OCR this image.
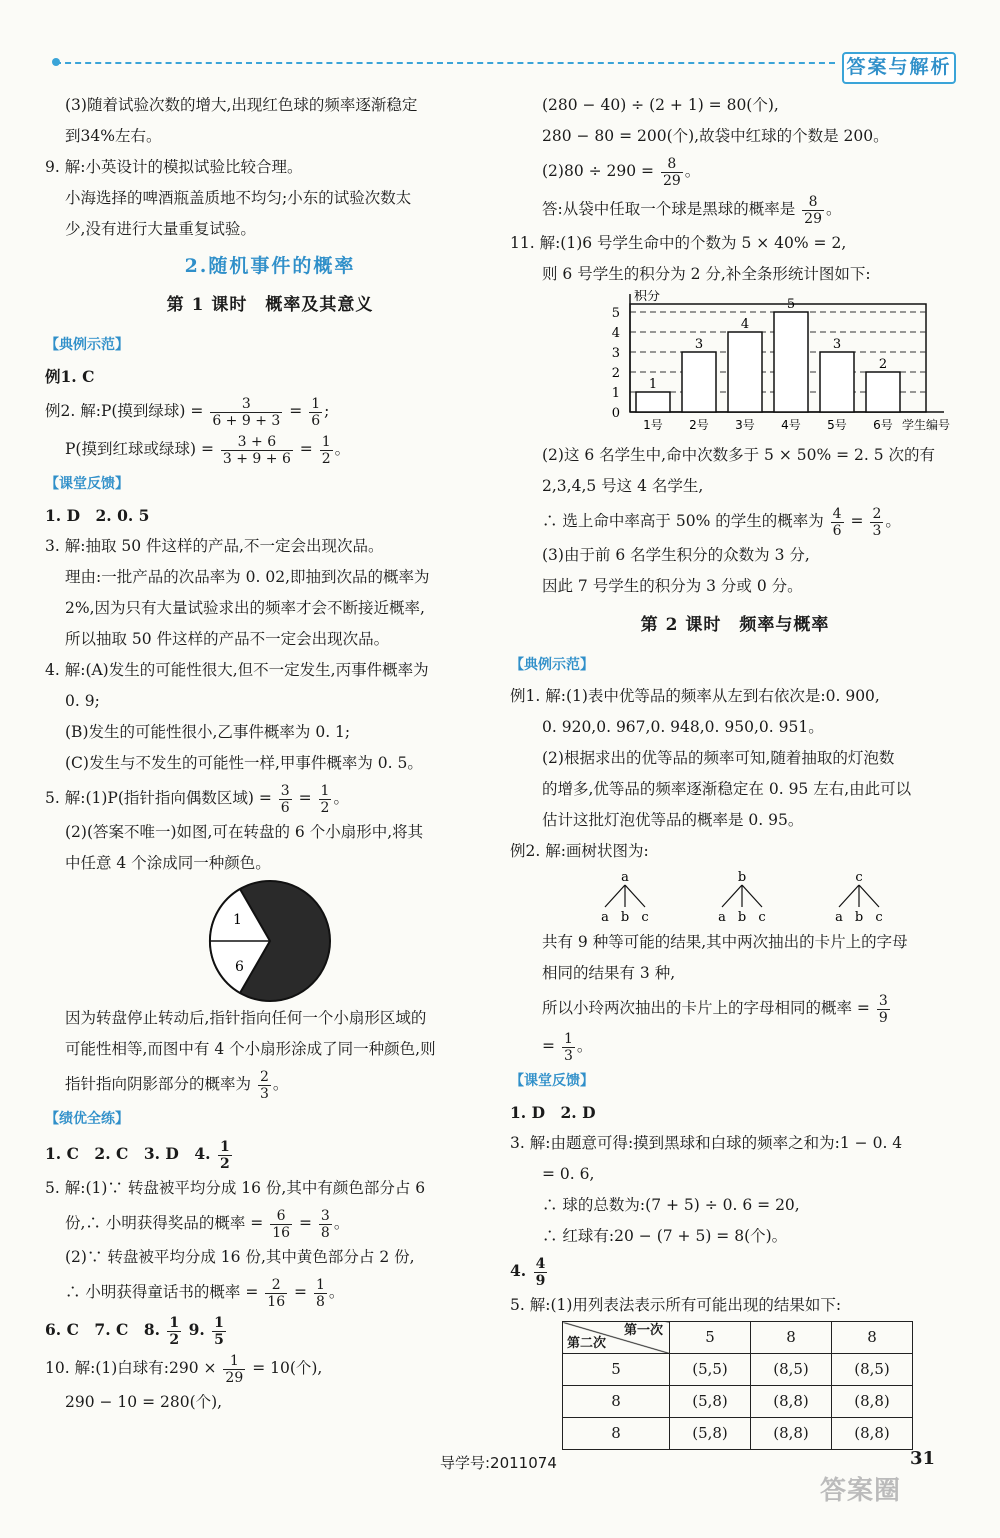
答案与解析
(3)随着试验次数的增大,出现红色球的频率逐渐稳定
到34%左右。
9. 解:小英设计的模拟试验比较合理。
小海选择的啤酒瓶盖质地不均匀;小东的试验次数太
少,没有进行大量重复试验。
2.随机事件的概率
第 1 课时　概率及其意义
【典例示范】
例1. C
例2. 解:P(摸到绿球) = $\frac{3}{6 + 9 + 3} = \frac{1}{6}$ ;
P(摸到红球或绿球) = $\frac{3 + 6}{3 + 9 + 6} = \frac{1}{2}$ 。
【课堂反馈】
1. D　2. 0. 5
3. 解:抽取 50 件这样的产品,不一定会出现次品。
理由:一批产品的次品率为 0. 02,即抽到次品的概率为
2%,因为只有大量试验求出的频率才会不断接近概率,
所以抽取 50 件这样的产品不一定会出现次品。
4. 解:(A)发生的可能性很大,但不一定发生,丙事件概率为
0. 9;
(B)发生的可能性很小,乙事件概率为 0. 1;
(C)发生与不发生的可能性一样,甲事件概率为 0. 5。
5. 解:(1)P(指针指向偶数区域) = $\frac{3}{6} = \frac{1}{2}$ 。
(2)(答案不唯一)如图,可在转盘的 6 个小扇形中,将其
中任意 4 个涂成同一种颜色。
1
6
因为转盘停止转动后,指针指向任何一个小扇形区域的
可能性相等,而图中有 4 个小扇形涂成了同一种颜色,则
指针指向阴影部分的概率为 $\frac{2}{3}$ 。
【绩优全练】
1. C　2. C　3. D　4. $\frac{1}{2}$
5. 解:(1)∵ 转盘被平均分成 16 份,其中有颜色部分占 6
份,∴ 小明获得奖品的概率 = $\frac{6}{16} = \frac{3}{8}$ 。
(2)∵ 转盘被平均分成 16 份,其中黄色部分占 2 份,
∴ 小明获得童话书的概率 = $\frac{2}{16} = \frac{1}{8}$ 。
6. C　7. C　8. $\frac{1}{2} 9$. $\frac{1}{5}$
10. 解:(1)白球有:290 × $\frac{1}{29} = 10$(个),
290 − 10 = 280(个),
(280 − 40) ÷ (2 + 1) = 80(个),
280 − 80 = 200(个),故袋中红球的个数是 200。
$(2)80 \div 290 = \frac{8}{29}$ 。
答:从袋中任取一个球是黑球的概率是 $\frac{8}{29}$ 。
11. 解:(1)6 号学生命中的个数为 5 × 40% = 2,
则 6 号学生的积分为 2 分,补全条形统计图如下:
0
1
2
3
4
5
积分
1
1号
3
2号
4
3号
5
4号
3
5号
2
6号 学生编号
(2)这 6 名学生中,命中次数多于 5 × 50% = 2. 5 次的有
2,3,4,5 号这 4 名学生,
∴ 选上命中率高于 50% 的学生的概率为 $\frac{4}{6} = \frac{2}{3}$ 。
(3)由于前 6 名学生积分的众数为 3 分,
因此 7 号学生的积分为 3 分或 0 分。
第 2 课时　频率与概率
【典例示范】
例1. 解:(1)表中优等品的频率从左到右依次是:0. 900,
0. 920,0. 967,0. 948,0. 950,0. 951。
(2)根据求出的优等品的频率可知,随着抽取的灯泡数
的增多,优等品的频率逐渐稳定在 0. 95 左右,由此可以
估计这批灯泡优等品的概率是 0. 95。
例2. 解:画树状图为:
a
a b c
b
a b c
c
a b c
共有 9 种等可能的结果,其中两次抽出的卡片上的字母
相同的结果有 3 种,
所以小玲两次抽出的卡片上的字母相同的概率 = $\frac{3}{9}$
= $\frac{1}{3}$ 。
【课堂反馈】
1. D　2. D
3. 解:由题意可得:摸到黑球和白球的频率之和为:1 − 0. 4
= 0. 6,
∴ 球的总数为:(7 + 5) ÷ 0. 6 = 20,
∴ 红球有:20 − (7 + 5) = 8(个)。
4. $\frac{4}{9}$
5. 解:(1)用列表法表示所有可能出现的结果如下:
第一次
第二次	5	8	8
5	(5,5)	(8,5)	(8,5)
8	(5,8)	(8,8)	(8,8)
8	(5,8)	(8,8)	(8,8)
导学号:2011074	31
答案圈
